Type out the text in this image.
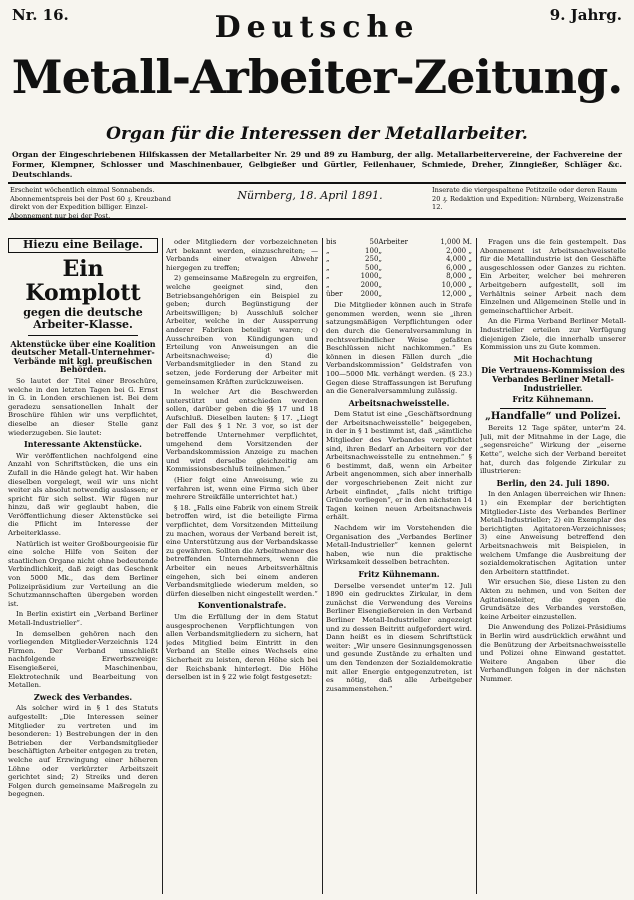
Nr. 16.	9. Jahrg.
Deutsche
Metall-Arbeiter-Zeitung.
Organ für die Interessen der Metallarbeiter.
Organ der Eingeschriebenen Hilfskassen der Metallarbeiter Nr. 29 und 89 zu Hamburg, der allg. Metallarbeitervereine, der Fachvereine der Former, Klempner, Schlosser und Maschinenbauer, Gelbgießer und Gürtler, Feilenhauer, Schmiede, Dreher, Zinngießer, Schläger &c. Deutschlands.
Erscheint wöchentlich einmal Sonnabends. Abonnementspreis bei der Post 60 ₰. Kreuzband direkt von der Expedition billiger. Einzel-Abonnement nur bei der Post.
Nürnberg, 18. April 1891.	Inserate die viergespaltene Petitzeile oder deren Raum 20 ₰. Redaktion und Expedition: Nürnberg, Weizenstraße 12.
Hiezu eine Beilage.
Ein Komplott
gegen die deutsche Arbeiter-Klasse.
Aktenstücke über eine Koalition deutscher Metall-Unternehmer-Verbände mit kgl. preußischen Behörden.

So lautet der Titel einer Broschüre, welche in den letzten Tagen bei G. Ernst in G. in Londen erschienen ist. Bei dem geradezu sensationellen Inhalt der Broschüre fühlen wir uns verpflichtet, dieselbe an dieser Stelle ganz wiederzugeben. Sie lautet:

Interessante Aktenstücke.

Wir veröffentlichen nachfolgend eine Anzahl von Schriftstücken, die uns ein Zufall in die Hände gelegt hat. Wir haben dieselben vorgelegt, weil wir uns nicht weiter als absolut notwendig auslassen; er spricht für sich selbst. Wir fügen nur hinzu, daß wir geglaubt haben, die Veröffentlichung dieser Aktenstücke sei die Pflicht im Interesse der Arbeiterklasse.

Natürlich ist weiter Großbourgeoisie für eine solche Hilfe von Seiten der staatlichen Organe nicht ohne bedeutende Verbindlichkeit, daß zeigt das Geschenk von 5000 Mk., das dem Berliner Polizeipräsidium zur Verteilung an die Schutzmannschaften übergeben worden ist.

In Berlin existirt ein „Verband Berliner Metall-Industrieller“.

In demselben gehören nach den vorliegenden Mitglieder-Verzeichnis 124 Firmen. Der Verband umschließt nachfolgende Erwerbszweige: Eisengießerei, Maschinenbau, Elektrotechnik und Bearbeitung von Metallen.

Zweck des Verbandes.

Als solcher wird in § 1 des Statuts aufgestellt: „Die Interessen seiner Mitglieder zu vertreten und im besonderen: 1) Bestrebungen der in den Betrieben der Verbandsmitglieder beschäftigten Arbeiter entgegen zu treten, welche auf Erzwingung einer höheren Löhne oder verkürzter Arbeitszeit gerichtet sind; 2) Streiks und deren Folgen durch gemeinsame Maßregeln zu begegnen.

oder Mitgliedern der vorbezeichneten Art bekannt werden, einzuschreiten; — Verbands einer etwaigen Abwehr hiergegen zu treffen;

2) gemeinsame Maßregeln zu ergreifen, welche geeignet sind, den Betriebsangehörigen ein Beispiel zu geben; durch Begünstigung der Arbeitswilligen; b) Ausschluß solcher Arbeiter, welche in der Aussperrung anderer Fabriken beteiligt waren; c) Ausschreiben von Kündigungen und Erteilung von Anweisungen an die Arbeitsnachweise; d) die Verbandsmitglieder in den Stand zu setzen, jede Forderung der Arbeiter mit gemeinsamen Kräften zurückzuweisen.

In welcher Art die Beschwerden unterstützt und entschieden werden sollen, darüber geben die §§ 17 und 18 Aufschluß. Dieselben lauten: § 17. „Liegt der Fall des § 1 Nr. 3 vor, so ist der betreffende Unternehmer verpflichtet, umgehend dem Vorsitzenden der Verbandskommission Anzeige zu machen und wird derselbe gleichzeitig am Kommissionsbeschluß teilnehmen.“

(Hier folgt eine Anweisung, wie zu verfahren ist, wenn eine Firma sich über mehrere Streikfälle unterrichtet hat.)

§ 18. „Falls eine Fabrik von einem Streik betroffen wird, ist die beteiligte Firma verpflichtet, dem Vorsitzenden Mitteilung zu machen, woraus der Verband bereit ist, eine Unterstützung aus der Verbandskasse zu gewähren. Sollten die Arbeitnehmer des betreffenden Unternehmers, wenn die Arbeiter ein neues Arbeitsverhältnis eingehen, sich bei einem anderen Verbandsmitgliede wiederum melden, so dürfen dieselben nicht eingestellt werden.“

Konventionalstrafe.

Um die Erfüllung der in dem Statut ausgesprochenen Verpflichtungen von allen Verbandsmitgliedern zu sichern, hat jedes Mitglied beim Eintritt in den Verband an Stelle eines Wechsels eine Sicherheit zu leisten, deren Höhe sich bei der Reichsbank hinterlegt. Die Höhe derselben ist in § 22 wie folgt festgesetzt:

bis	50	Arbeiter	1,000 M.
„	100	„	2,000 „
„	250	„	4,000 „
„	500	„	6,000 „
„	1000	„	8,000 „
„	2000	„	10,000 „
über	2000	„	12,000 „

Die Mitglieder können auch in Strafe genommen werden, wenn sie „ihren satzungsmäßigen Verpflichtungen oder den durch die Generalversammlung in rechtsverbindlicher Weise gefaßten Beschlüssen nicht nachkommen.“ Es können in diesen Fällen durch „die Verbandskommission“ Geldstrafen von 100—5000 Mk. verhängt werden. (§ 23.) Gegen diese Straffassungen ist Berufung an die Generalversammlung zulässig.

Arbeitsnachweisstelle.

Dem Statut ist eine „Geschäftsordnung der Arbeitsnachweisstelle“ beigegeben, in der in § 1 bestimmt ist, daß „sämtliche Mitglieder des Verbandes verpflichtet sind, ihren Bedarf an Arbeitern vor der Arbeitsnachweisstelle zu entnehmen.“ § 6 bestimmt, daß, wenn ein Arbeiter Arbeit angenommen, sich aber innerhalb der vorgeschriebenen Zeit nicht zur Arbeit einfindet, „falls nicht triftige Gründe vorliegen“, er in den nächsten 14 Tagen keinen neuen Arbeitsnachweis erhält.

Nachdem wir im Vorstehenden die Organisation des „Verbandes Berliner Metall-Industrieller“ kennen gelernt haben, wie nun die praktische Wirksamkeit desselben betrachten.

Fritz Kühnemann.

Derselbe versendet unter'm 12. Juli 1890 ein gedrucktes Zirkular, in dem zunächst die Verwendung des Vereins Berliner Eisengießereien in den Verband Berliner Metall-Industrieller angezeigt und zu dessen Beitritt aufgefordert wird. Dann heißt es in diesem Schriftstück weiter: „Wir unsere Gesinnungsgenossen und gesunde Zustände zu erhalten und um den Tendenzen der Sozialdemokratie mit aller Energie entgegenzutreten, ist es nötig, daß alle Arbeitgeber zusammenstehen.“

Fragen uns die fein gestempelt. Das Abonnement ist Arbeitsnachweisstelle für die Metallindustrie ist den Geschäfte ausgeschlossen oder Ganzes zu richten. Ein Arbeiter, welcher bei mehreren Arbeitgebern aufgestellt, soll im Verhältnis seiner Arbeit nach dem Einzelnen und Allgemeinen Stelle und in gemeinschaftlicher Arbeit.

An die Firma Verband Berliner Metall-Industrieller erteilen zur Verfügung diejenigen Ziele, die innerhalb unserer Kommission uns zu Gute kommen.

Mit Hochachtung
Die Vertrauens-Kommission des Verbandes Berliner Metall-Industrieller.
Fritz Kühnemann.
„Handfalle“ und Polizei.

Bereits 12 Tage später, unter'm 24. Juli, mit der Mitnahme in der Lage, die „segensreiche“ Wirkung der „eiserne Kette“, welche sich der Verband bereitet hat, durch das folgende Zirkular zu illustrieren:

Berlin, den 24. Juli 1890.

In den Anlagen überreichen wir Ihnen: 1) ein Exemplar der berichtigten Mitglieder-Liste des Verbandes Berliner Metall-Industrieller; 2) ein Exemplar des berichtigten Agitatoren-Verzeichnisses; 3) eine Anweisung betreffend den Arbeitsnachweis mit Beispielen, in welchem Umfange die Ausbreitung der sozialdemokratischen Agitation unter den Arbeitern stattfindet.

Wir ersuchen Sie, diese Listen zu den Akten zu nehmen, und von Seiten der Agitationsleiter, die gegen die Grundsätze des Verbandes verstoßen, keine Arbeiter einzustellen.

Die Anwendung des Polizei-Präsidiums in Berlin wird ausdrücklich erwähnt und die Benützung der Arbeitsnachweisstelle und Polizei ohne Einwand gestattet. Weitere Angaben über die Verhandlungen folgen in der nächsten Nummer.
